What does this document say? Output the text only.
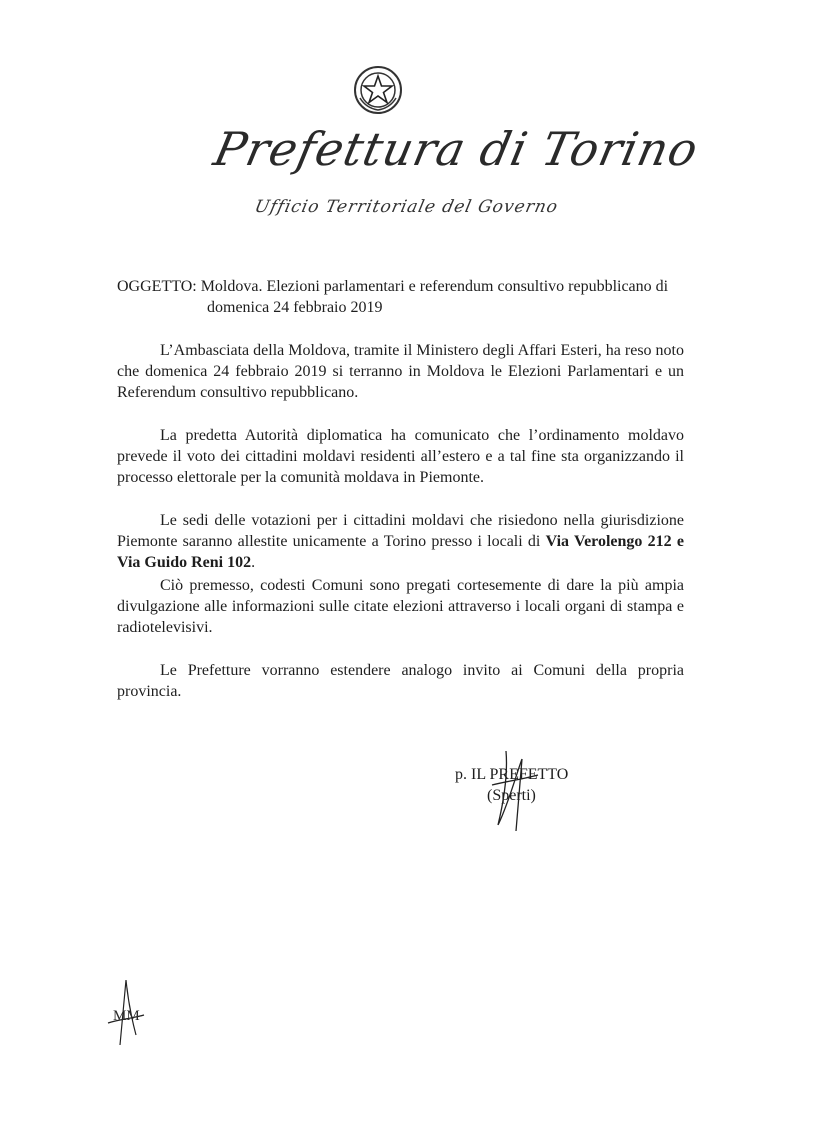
Prefettura di Torino
Ufficio Territoriale del Governo
OGGETTO: Moldova. Elezioni parlamentari e referendum consultivo repubblicano di
domenica 24 febbraio 2019
L’Ambasciata della Moldova, tramite il Ministero degli Affari Esteri, ha reso noto che domenica 24 febbraio 2019 si terranno in Moldova le Elezioni Parlamentari e un Referendum consultivo repubblicano.
La predetta Autorità diplomatica ha comunicato che l’ordinamento moldavo prevede il voto dei cittadini moldavi residenti all’estero e a tal fine sta organizzando il processo elettorale per la comunità moldava in Piemonte.
Le sedi delle votazioni per i cittadini moldavi che risiedono nella giurisdizione Piemonte saranno allestite unicamente a Torino presso i locali di Via Verolengo 212 e Via Guido Reni 102.
Ciò premesso, codesti Comuni sono pregati cortesemente di dare la più ampia divulgazione alle informazioni sulle citate elezioni attraverso i locali organi di stampa e radiotelevisivi.
Le Prefetture vorranno estendere analogo invito ai Comuni della propria provincia.
p. IL PREFETTO
(Sperti)
MM
